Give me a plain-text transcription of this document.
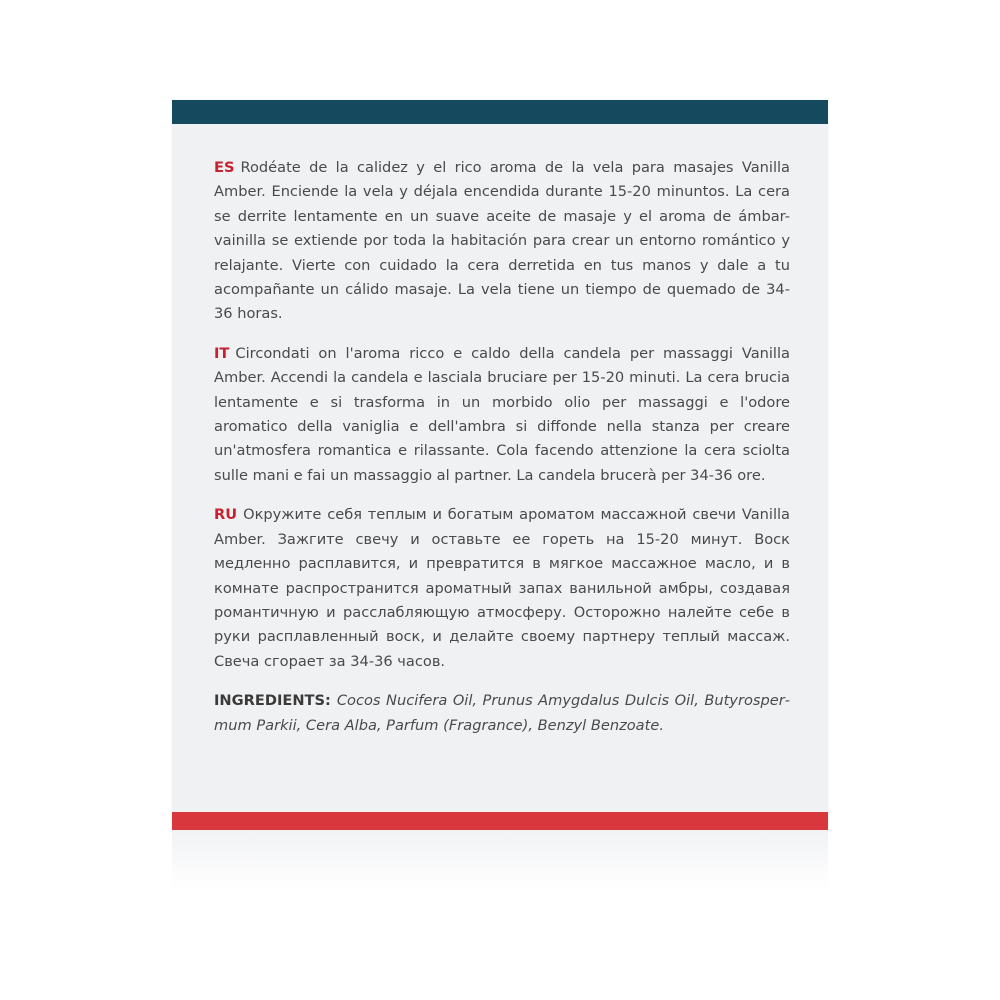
ES Rodéate de la calidez y el rico aroma de la vela para masajes Vanilla Amber. Enciende la vela y déjala encendida durante 15-20 minuntos. La cera se derrite lentamente en un suave aceite de masaje y el aroma de ámbar-vainilla se extiende por toda la habitación para crear un entorno romántico y relajante. Vierte con cuidado la cera derretida en tus manos y dale a tu acompañante un cálido masaje. La vela tiene un tiempo de quemado de 34-36 horas.

IT Circondati on l'aroma ricco e caldo della candela per massaggi Vanilla Amber. Accendi la candela e lasciala bruciare per 15-20 minuti. La cera brucia lentamente e si trasforma in un morbido olio per massaggi e l'odore aromatico della vaniglia e dell'ambra si diffonde nella stanza per creare un'atmosfera romantica e rilassante. Cola facendo attenzione la cera sciolta sulle mani e fai un massaggio al partner. La candela brucerà per 34-36 ore.

RU Окружите себя теплым и богатым ароматом массажной свечи Vanilla Amber. Зажгите свечу и оставьте ее гореть на 15-20 минут. Воск медленно расплавится, и превратится в мягкое массажное масло, и в комнате распространится ароматный запах ванильной амбры, создавая романтичную и расслабляющую атмосферу. Осторожно налейте себе в руки расплавленный воск, и делайте своему партнеру теплый массаж. Свеча сгорает за 34-36 часов.

INGREDIENTS: Cocos Nucifera Oil, Prunus Amygdalus Dulcis Oil, Butyrospermum Parkii, Cera Alba, Parfum (Fragrance), Benzyl Benzoate.
